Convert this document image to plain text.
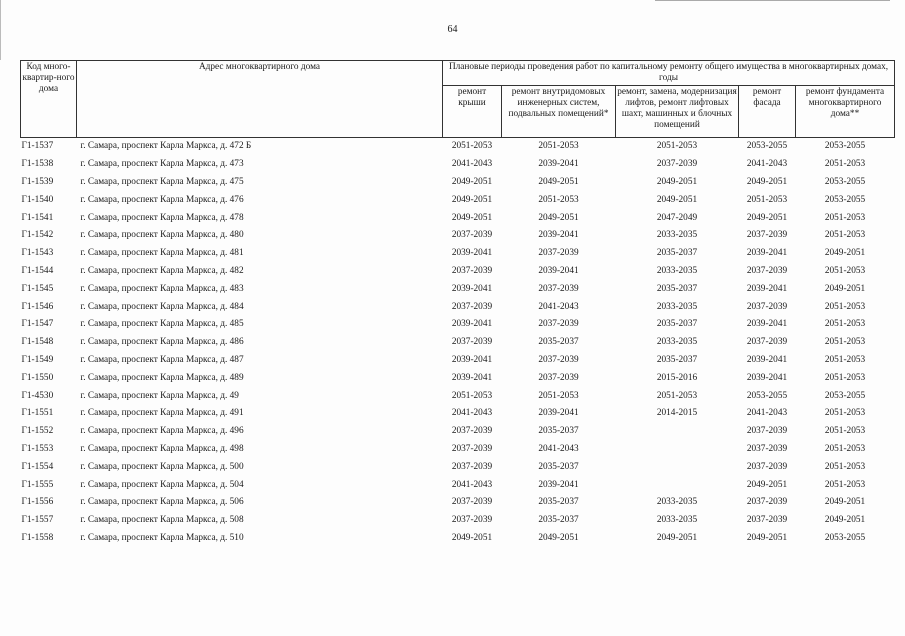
64
Код много-квартир-ного дома	Адрес многоквартирного дома	Плановые периоды проведения работ по капитальному ремонту общего имущества в многоквартирных домах, годы				
		ремонт крыши	ремонт внутридомовых инженерных систем, подвальных помещений*	ремонт, замена, модернизация лифтов, ремонт лифтовых шахт, машинных и блочных помещений	ремонт фасада	ремонт фундамента многоквартирного дома**
Г1-1537	г. Самара, проспект Карла Маркса, д. 472 Б	2051-2053	2051-2053	2051-2053	2053-2055	2053-2055
Г1-1538	г. Самара, проспект Карла Маркса, д. 473	2041-2043	2039-2041	2037-2039	2041-2043	2051-2053
Г1-1539	г. Самара, проспект Карла Маркса, д. 475	2049-2051	2049-2051	2049-2051	2049-2051	2053-2055
Г1-1540	г. Самара, проспект Карла Маркса, д. 476	2049-2051	2051-2053	2049-2051	2051-2053	2053-2055
Г1-1541	г. Самара, проспект Карла Маркса, д. 478	2049-2051	2049-2051	2047-2049	2049-2051	2051-2053
Г1-1542	г. Самара, проспект Карла Маркса, д. 480	2037-2039	2039-2041	2033-2035	2037-2039	2051-2053
Г1-1543	г. Самара, проспект Карла Маркса, д. 481	2039-2041	2037-2039	2035-2037	2039-2041	2049-2051
Г1-1544	г. Самара, проспект Карла Маркса, д. 482	2037-2039	2039-2041	2033-2035	2037-2039	2051-2053
Г1-1545	г. Самара, проспект Карла Маркса, д. 483	2039-2041	2037-2039	2035-2037	2039-2041	2049-2051
Г1-1546	г. Самара, проспект Карла Маркса, д. 484	2037-2039	2041-2043	2033-2035	2037-2039	2051-2053
Г1-1547	г. Самара, проспект Карла Маркса, д. 485	2039-2041	2037-2039	2035-2037	2039-2041	2051-2053
Г1-1548	г. Самара, проспект Карла Маркса, д. 486	2037-2039	2035-2037	2033-2035	2037-2039	2051-2053
Г1-1549	г. Самара, проспект Карла Маркса, д. 487	2039-2041	2037-2039	2035-2037	2039-2041	2051-2053
Г1-1550	г. Самара, проспект Карла Маркса, д. 489	2039-2041	2037-2039	2015-2016	2039-2041	2051-2053
Г1-4530	г. Самара, проспект Карла Маркса, д. 49	2051-2053	2051-2053	2051-2053	2053-2055	2053-2055
Г1-1551	г. Самара, проспект Карла Маркса, д. 491	2041-2043	2039-2041	2014-2015	2041-2043	2051-2053
Г1-1552	г. Самара, проспект Карла Маркса, д. 496	2037-2039	2035-2037		2037-2039	2051-2053
Г1-1553	г. Самара, проспект Карла Маркса, д. 498	2037-2039	2041-2043		2037-2039	2051-2053
Г1-1554	г. Самара, проспект Карла Маркса, д. 500	2037-2039	2035-2037		2037-2039	2051-2053
Г1-1555	г. Самара, проспект Карла Маркса, д. 504	2041-2043	2039-2041		2049-2051	2051-2053
Г1-1556	г. Самара, проспект Карла Маркса, д. 506	2037-2039	2035-2037	2033-2035	2037-2039	2049-2051
Г1-1557	г. Самара, проспект Карла Маркса, д. 508	2037-2039	2035-2037	2033-2035	2037-2039	2049-2051
Г1-1558	г. Самара, проспект Карла Маркса, д. 510	2049-2051	2049-2051	2049-2051	2049-2051	2053-2055
